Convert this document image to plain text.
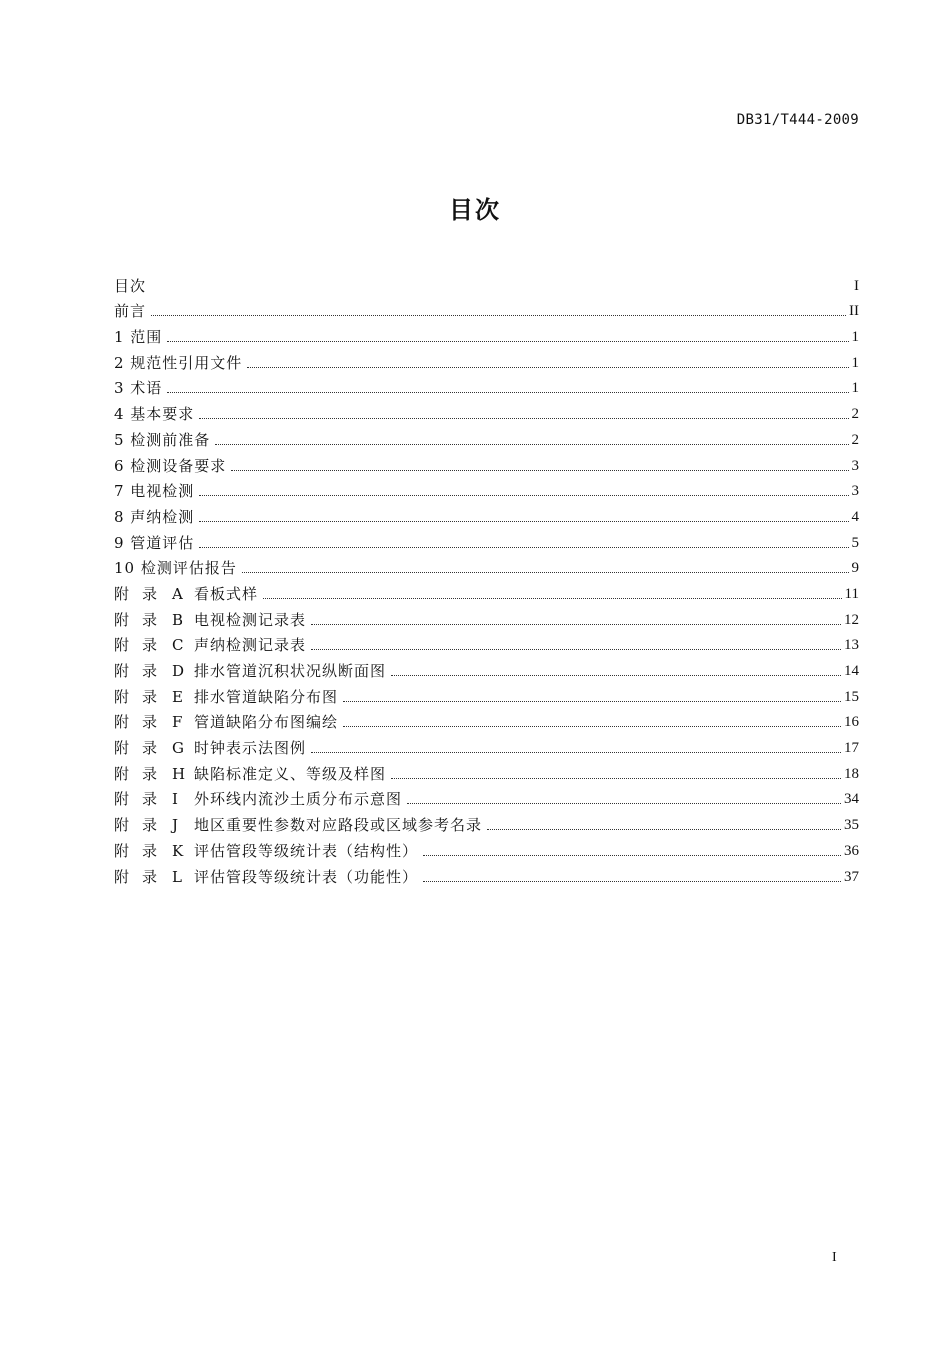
DB31/T444-2009
目次
目次	I
前言	II
1 范围	1
2 规范性引用文件	1
3 术语	1
4 基本要求	2
5 检测前准备	2
6 检测设备要求	3
7 电视检测	3
8 声纳检测	4
9 管道评估	5
10 检测评估报告	9
附 录 A 看板式样	11
附 录 B 电视检测记录表	12
附 录 C 声纳检测记录表	13
附 录 D 排水管道沉积状况纵断面图	14
附 录 E 排水管道缺陷分布图	15
附 录 F 管道缺陷分布图编绘	16
附 录 G 时钟表示法图例	17
附 录 H 缺陷标准定义、等级及样图	18
附 录 I 外环线内流沙土质分布示意图	34
附 录 J 地区重要性参数对应路段或区域参考名录	35
附 录 K 评估管段等级统计表（结构性）	36
附 录 L 评估管段等级统计表（功能性）	37
I
